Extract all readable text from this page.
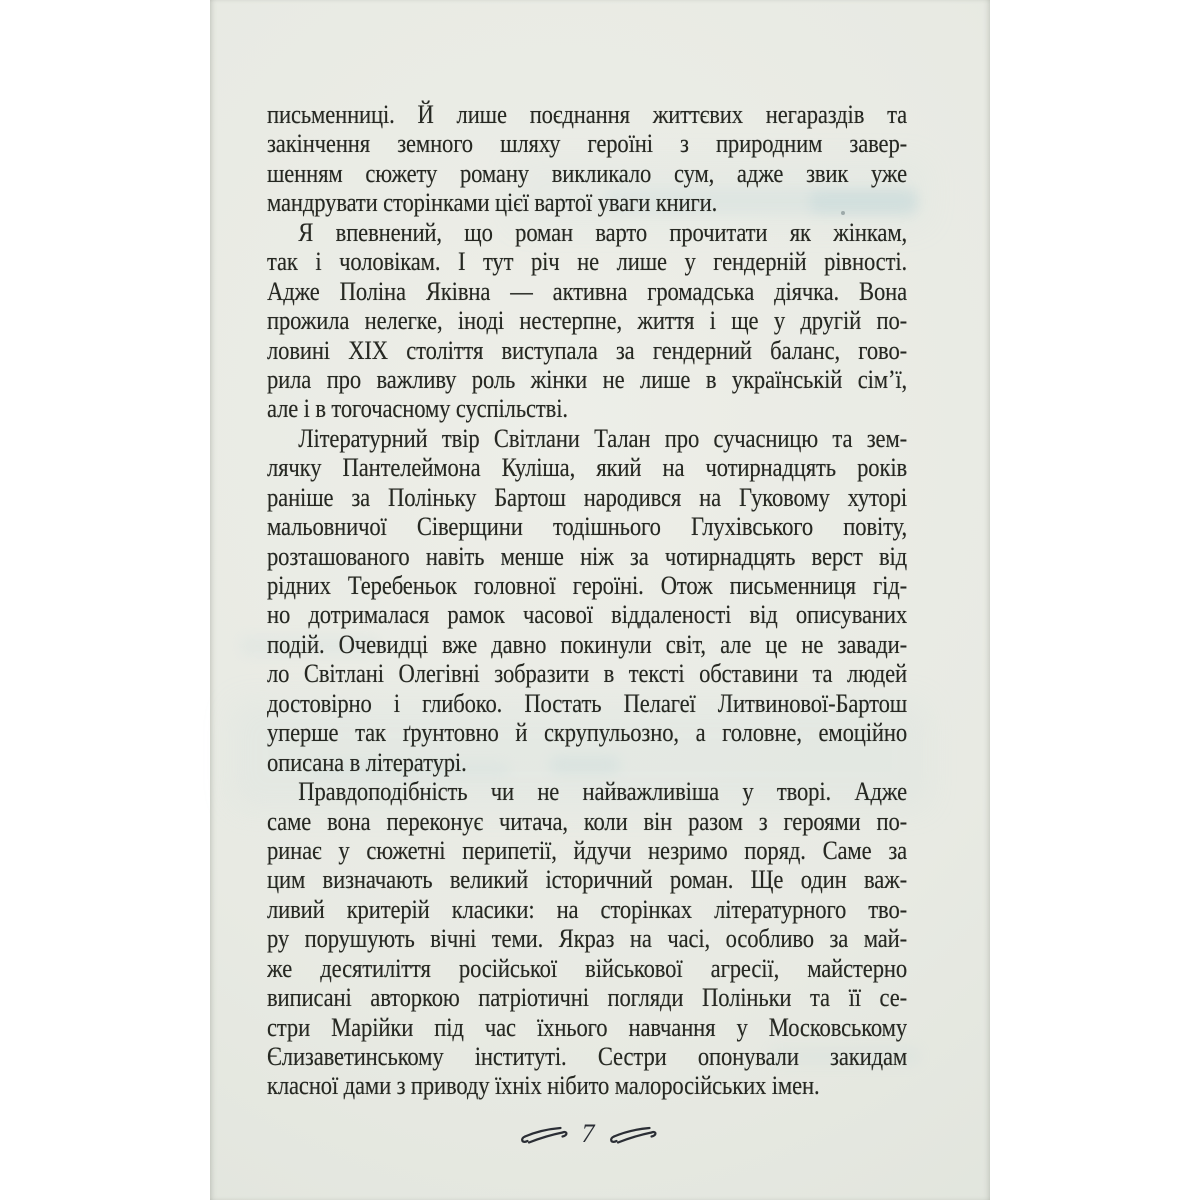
письменниці. Й лише поєднання життєвих негараздів та
закінчення земного шляху героїні з природним завер-
шенням сюжету роману викликало сум, адже звик уже
мандрувати сторінками цієї вартої уваги книги.
Я впевнений, що роман варто прочитати як жінкам,
так і чоловікам. І тут річ не лише у гендерній рівності.
Адже Поліна Яківна — активна громадська діячка. Вона
прожила нелегке, іноді нестерпне, життя і ще у другій по-
ловині XIX століття виступала за гендерний баланс, гово-
рила про важливу роль жінки не лише в українській сім’ї,
але і в тогочасному суспільстві.
Літературний твір Світлани Талан про сучасницю та зем-
лячку Пантелеймона Куліша, який на чотирнадцять років
раніше за Поліньку Бартош народився на Гуковому хуторі
мальовничої Сіверщини тодішнього Глухівського повіту,
розташованого навіть менше ніж за чотирнадцять верст від
рідних Теребеньок головної героїні. Отож письменниця гід-
но дотрималася рамок часової віддаленості від описуваних
подій. Очевидці вже давно покинули світ, але це не завади-
ло Світлані Олегівні зобразити в тексті обставини та людей
достовірно і глибоко. Постать Пелагеї Литвинової-Бартош
уперше так ґрунтовно й скрупульозно, а головне, емоційно
описана в літературі.
Правдоподібність чи не найважливіша у творі. Адже
саме вона переконує читача, коли він разом з героями по-
ринає у сюжетні перипетії, йдучи незримо поряд. Саме за
цим визначають великий історичний роман. Ще один важ-
ливий критерій класики: на сторінках літературного тво-
ру порушують вічні теми. Якраз на часі, особливо за май-
же десятиліття російської військової агресії, майстерно
виписані авторкою патріотичні погляди Поліньки та її се-
стри Марійки під час їхнього навчання у Московському
Єлизаветинському інституті. Сестри опонували закидам
класної дами з приводу їхніх нібито малоросійських імен.
7
